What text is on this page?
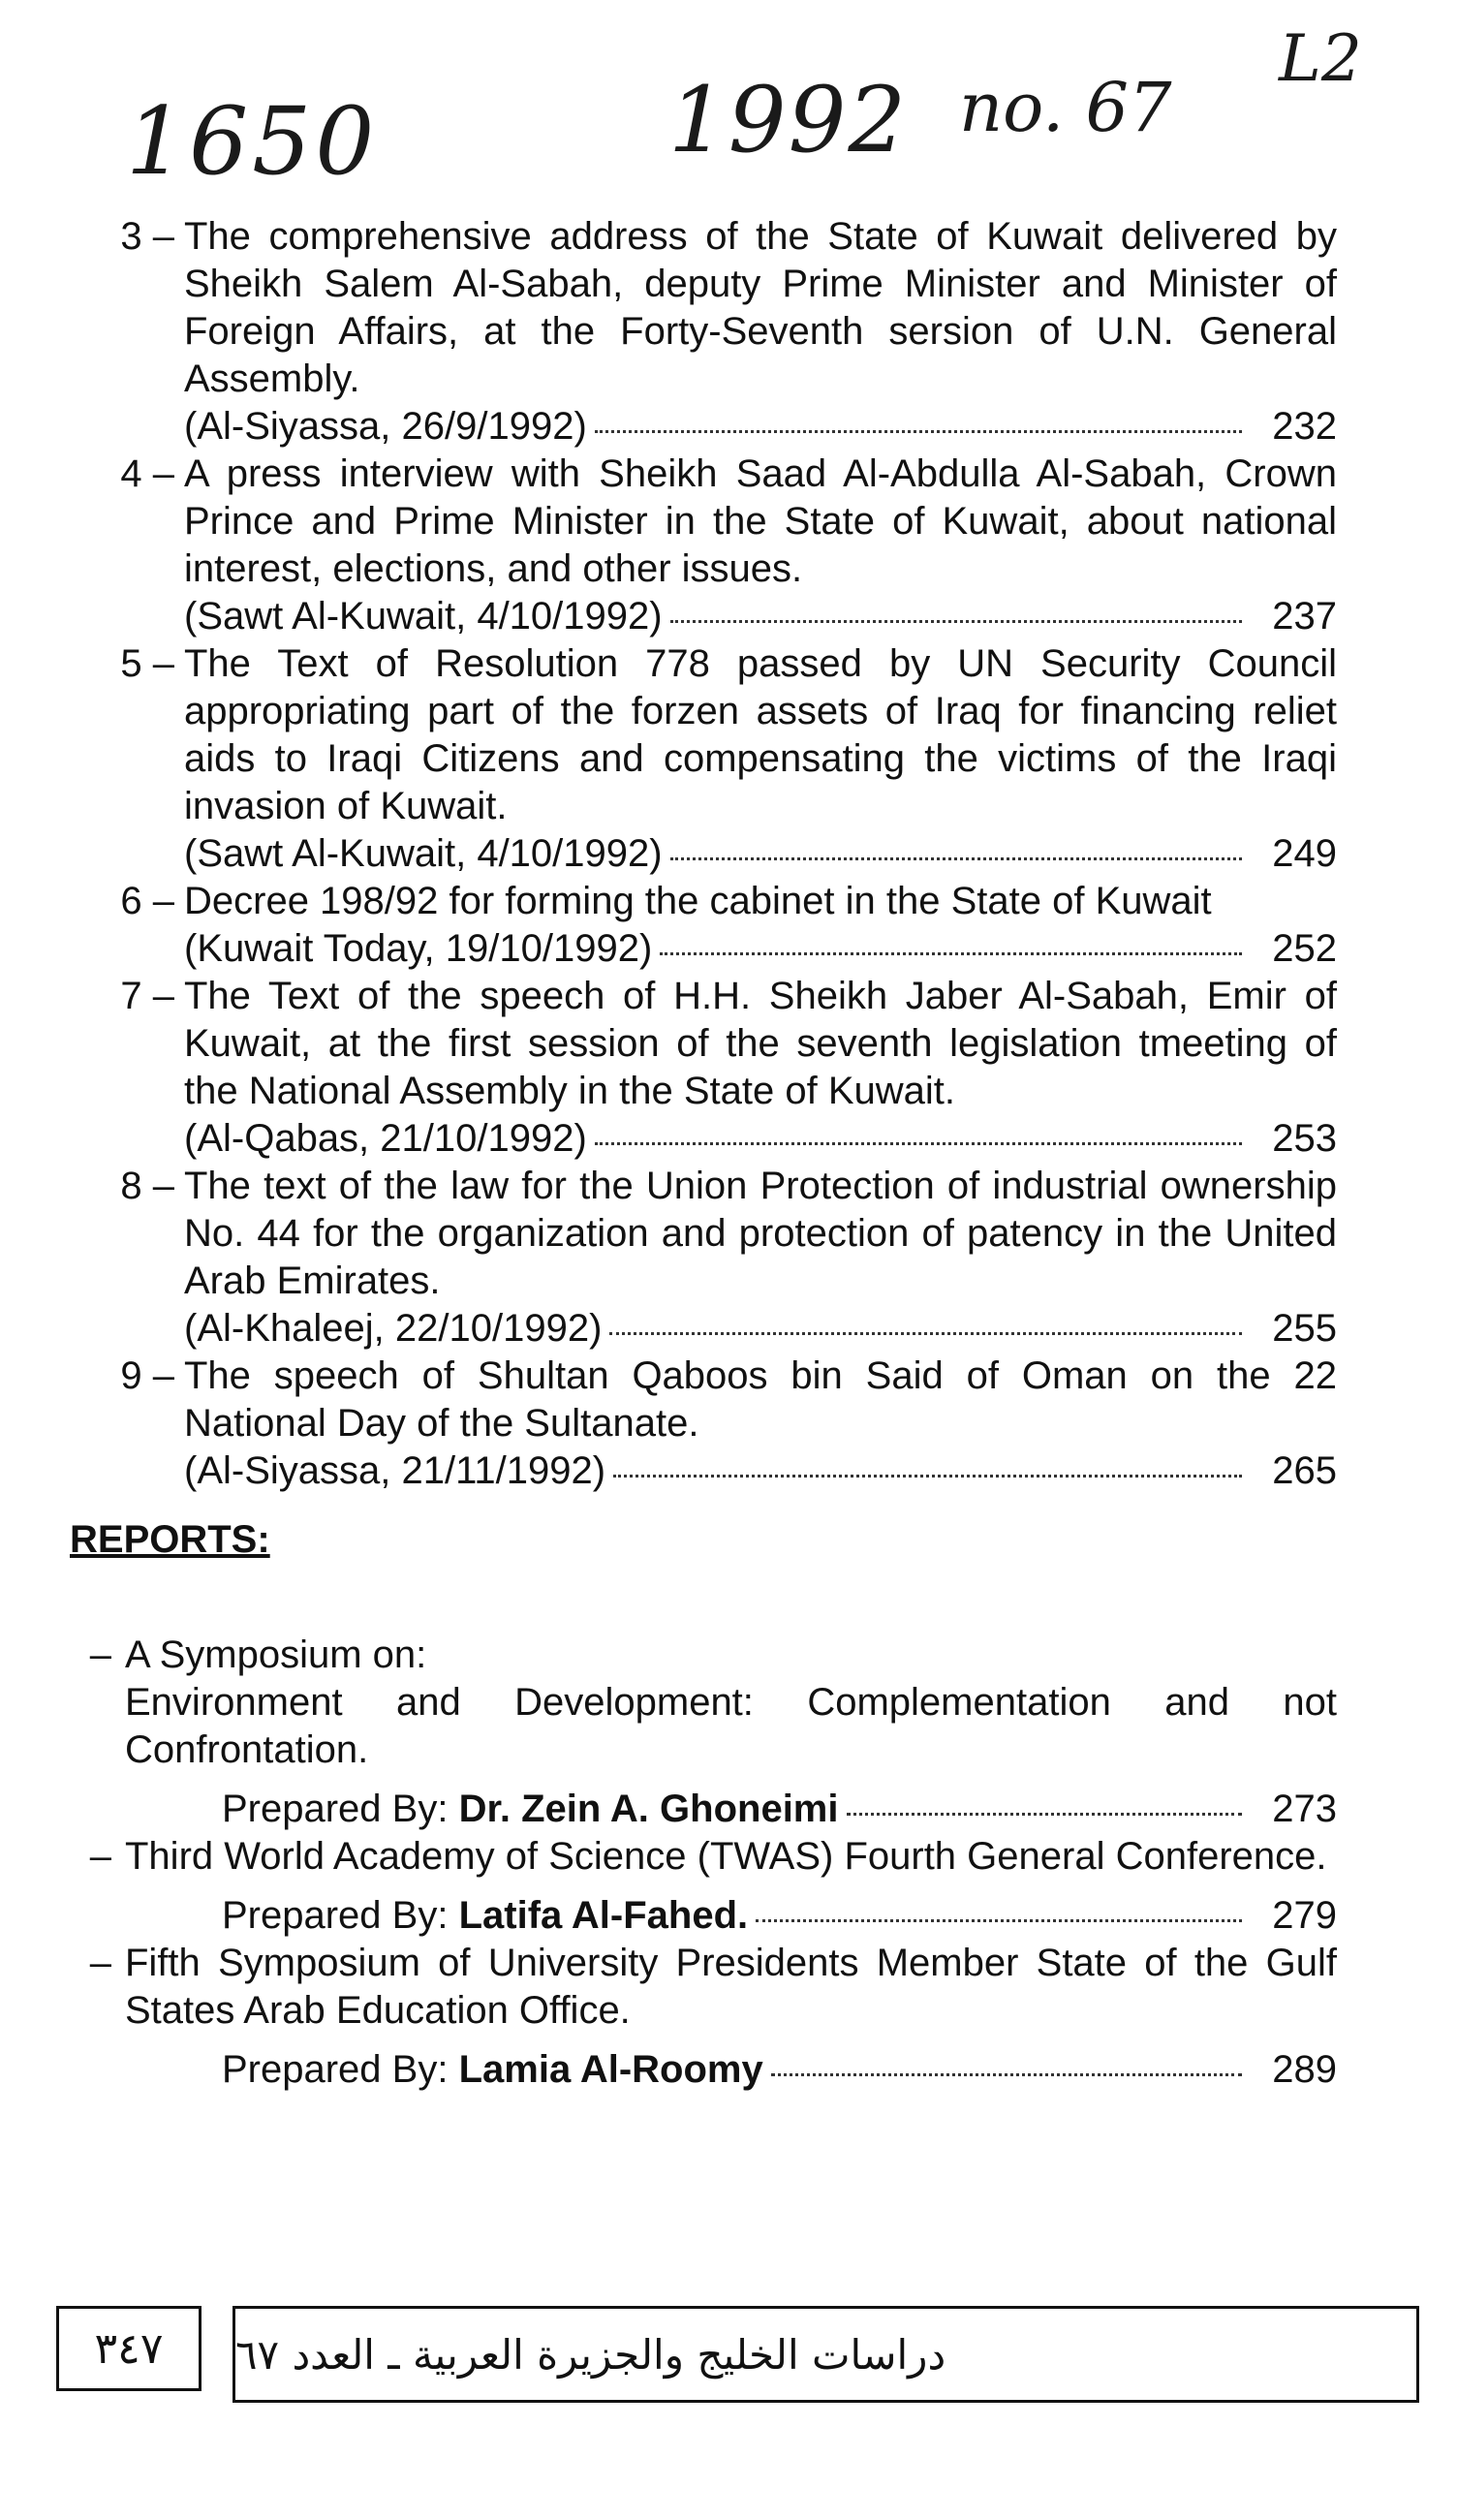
1650	1992 no. 67
L2
3 – The comprehensive address of the State of Kuwait delivered by Sheikh Salem Al-Sabah, deputy Prime Minister and Minister of Foreign Affairs, at the Forty-Seventh sersion of U.N. General Assembly.
(Al-Siyassa, 26/9/1992)	232
4 – A press interview with Sheikh Saad Al-Abdulla Al-Sabah, Crown Prince and Prime Minister in the State of Kuwait, about national interest, elections, and other issues.
(Sawt Al-Kuwait, 4/10/1992)	237
5 – The Text of Resolution 778 passed by UN Security Council appropriating part of the forzen assets of Iraq for financing reliet aids to Iraqi Citizens and compensating the victims of the Iraqi invasion of Kuwait.
(Sawt Al-Kuwait, 4/10/1992)	249
6 – Decree 198/92 for forming the cabinet in the State of Kuwait
(Kuwait Today, 19/10/1992)	252
7 – The Text of the speech of H.H. Sheikh Jaber Al-Sabah, Emir of Kuwait, at the first session of the seventh legislation tmeeting of the National Assembly in the State of Kuwait.
(Al-Qabas, 21/10/1992)	253
8 – The text of the law for the Union Protection of industrial ownership No. 44 for the organization and protection of patency in the United Arab Emirates.
(Al-Khaleej, 22/10/1992)	255
9 – The speech of Shultan Qaboos bin Said of Oman on the 22 National Day of the Sultanate.
(Al-Siyassa, 21/11/1992)	265
REPORTS:
– A Symposium on:
Environment and Development: Complementation and not Confrontation.
Prepared By:
Dr. Zein A. Ghoneimi	273
– Third World Academy of Science (TWAS) Fourth General Conference.
Prepared By:
Latifa Al-Fahed.	279
– Fifth Symposium of University Presidents Member State of the Gulf States Arab Education Office.
Prepared By:
Lamia Al-Roomy	289
٣٤٧	دراسات الخليج والجزيرة العربية ـ العدد ٦٧
